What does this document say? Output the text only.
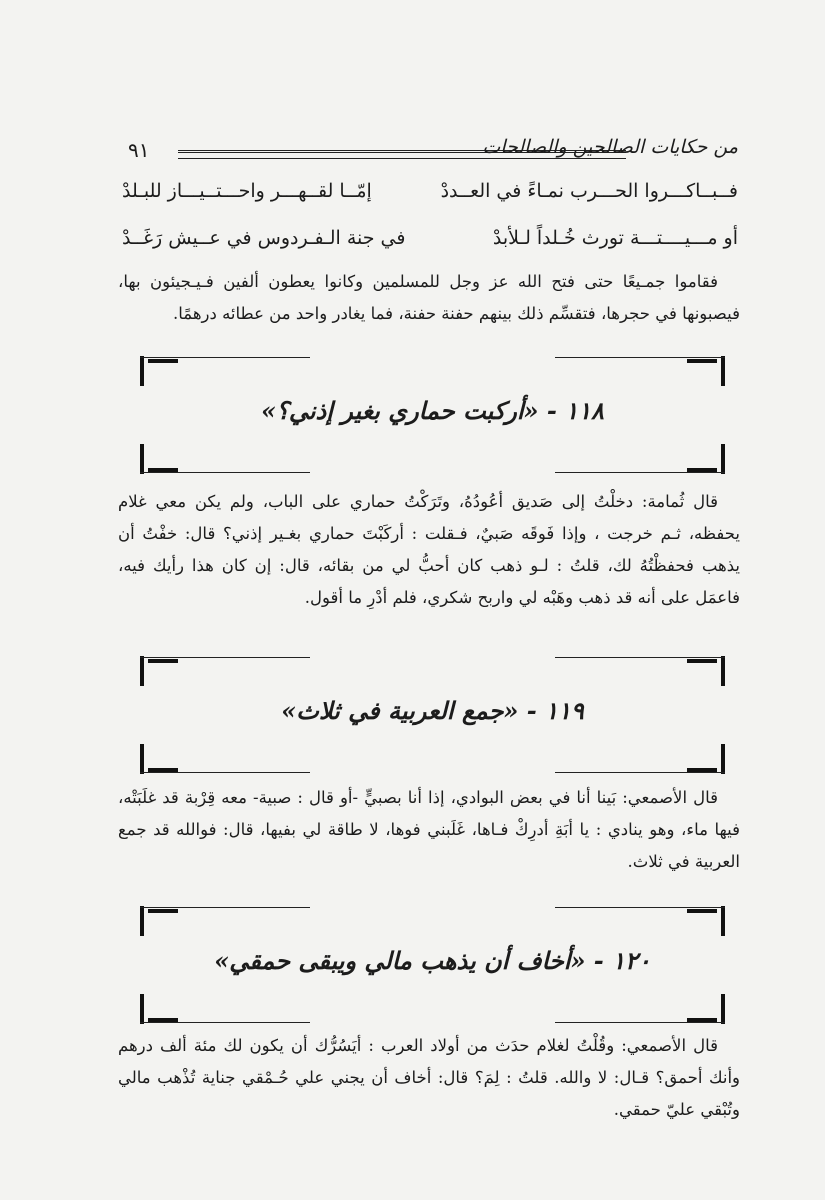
٩١	من حكايات الصالحين والصالحات
فــبــاكـــروا الحـــرب نمـاءً في العــددْ
إمّــا لقــهـــر واحـــتــيـــاز للبـلدْ
أو مـــيــــتـــة تورث خُـلداً لـلأبدْ
في جنة الـفـردوس في عــيش رَغَــدْ

فقاموا جمـيعًا حتى فتح الله عز وجل للمسلمين وكانوا يعطون ألفين فـيـجيئون بها، فيصبونها في حجرها، فتقسِّم ذلك بينهم حفنة حفنة، فما يغادر واحد من عطائه درهمًا.

١١٨ - «أركبت حماري بغير إذني؟»

قال ثُمامة: دخلْتُ إلى صَديق أعُودُهُ، وتَرَكْتُ حماري على الباب، ولم يكن معي غلام يحفظه، ثـم خرجت ، وإذا فَوقَه صَبيٌ، فـقلت : أركَبْتَ حماري بغـير إذني؟ قال: خفْتُ أن يذهب فحفظْتُهُ لك، قلتُ : لـو ذهب كان أحبُّ لي من بقائه، قال: إن كان هذا رأيك فيه، فاعمَل على أنه قد ذهب وهَبْه لي واربح شكري، فلم أدْرِ ما أقول.

١١٩ - «جمع العربية في ثلاث»

قال الأصمعي: بَينا أنا في بعض البوادي، إذا أنا بصبيٍّ -أو قال : صبية- معه قِرْبة قد غلَبَتْه، فيها ماء، وهو ينادي : يا أبَةِ أدرِكْ فـاها، غَلَبني فوها، لا طاقة لي بفيها، قال: فوالله قد جمع العربية في ثلاث.

١٢٠ - «أخاف أن يذهب مالي ويبقى حمقي»

قال الأصمعي: وقُلْتُ لغلام حدَث من أولاد العرب : أيَسُرُّك أن يكون لك مئة ألف درهم وأنك أحمق؟ قـال: لا والله. قلتُ : لِمَ؟ قال: أخاف أن يجني علي حُـمْقي جناية تُذْهب مالي وتُبْقي عليّ حمقي.
